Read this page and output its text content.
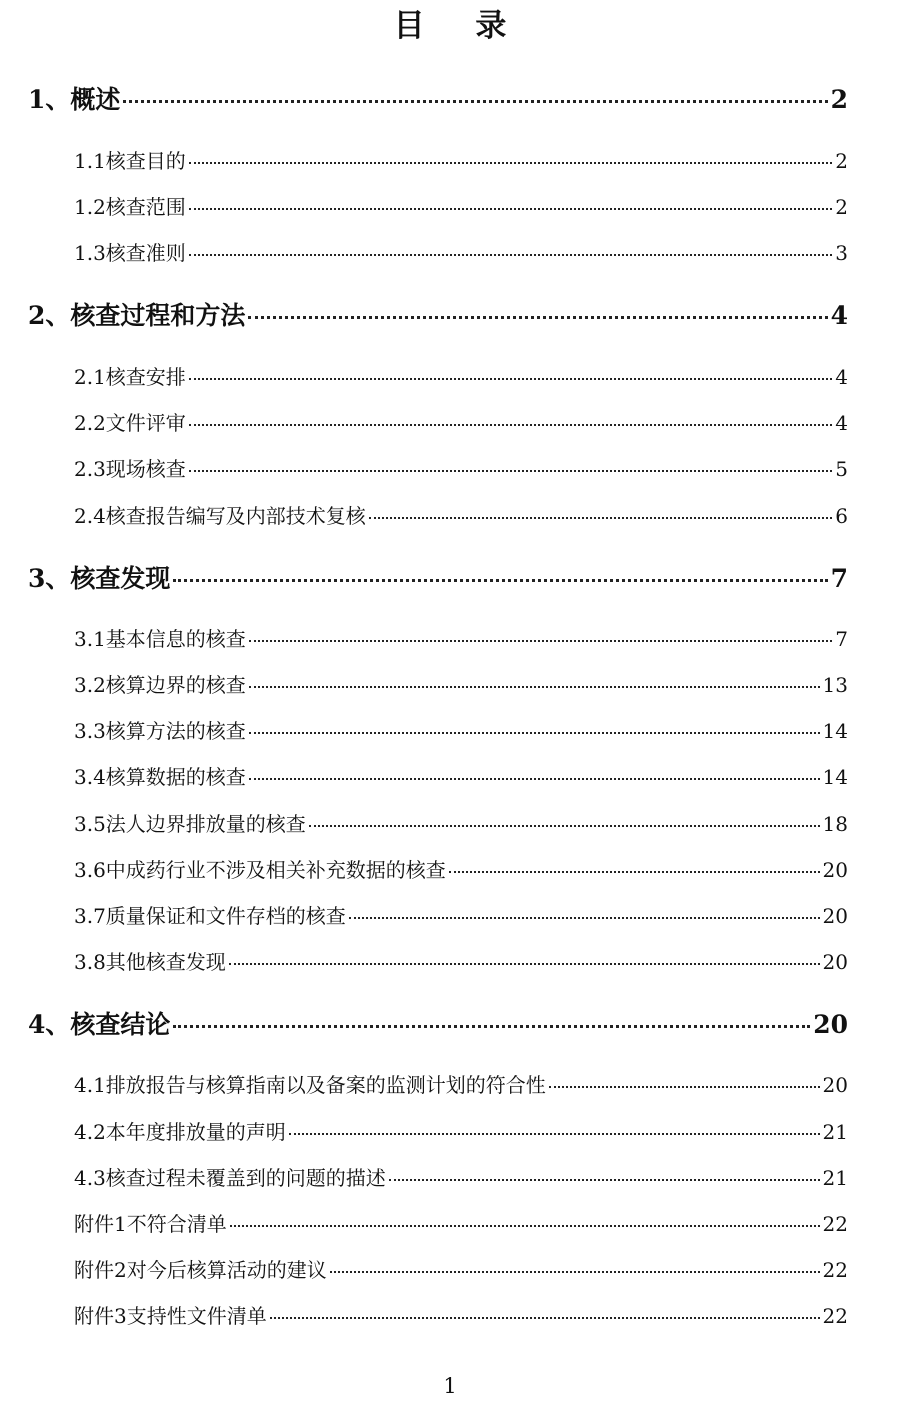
目 录
1、概述	2
1.1核查目的	2
1.2核查范围	2
1.3核查准则	3
2、核查过程和方法	4
2.1核查安排	4
2.2文件评审	4
2.3现场核查	5
2.4核查报告编写及内部技术复核	6
3、核查发现	7
3.1基本信息的核查	7
3.2核算边界的核查	13
3.3核算方法的核查	14
3.4核算数据的核查	14
3.5法人边界排放量的核查	18
3.6中成药行业不涉及相关补充数据的核查	20
3.7质量保证和文件存档的核查	20
3.8其他核查发现	20
4、核查结论	20
4.1排放报告与核算指南以及备案的监测计划的符合性	20
4.2本年度排放量的声明	21
4.3核查过程未覆盖到的问题的描述	21
附件1不符合清单	22
附件2对今后核算活动的建议	22
附件3支持性文件清单	22
1
